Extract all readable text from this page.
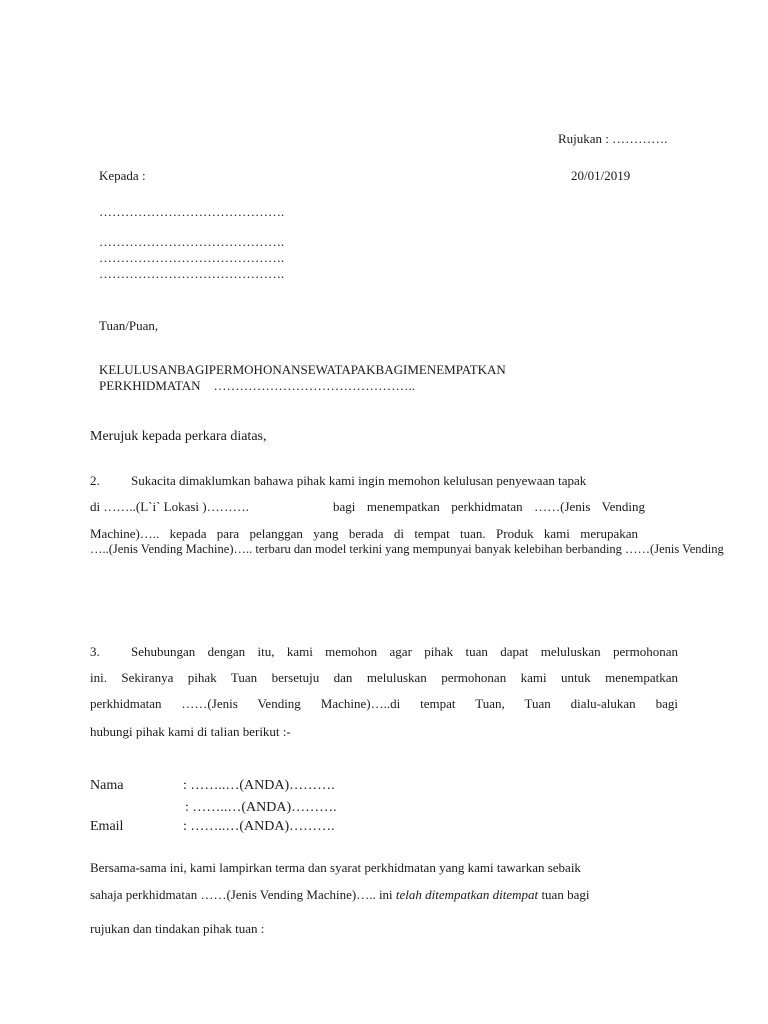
Rujukan : ………….
Kepada :	20/01/2019
…………………………………….
…………………………………….
…………………………………….
…………………………………….
Tuan/Puan,
KELULUSANBAGIPERMOHONANSEWATAPAKBAGIMENEMPATKAN
PERKHIDMATAN    ………………………………………..
Merujuk kepada perkara diatas,
2. Sukacita dimaklumkan bahawa pihak kami ingin memohon kelulusan penyewaan tapak
di ……..(L`i` Lokasi )……….	bagi menempatkan perkhidmatan ……(Jenis Vending
Machine)….. kepada para pelanggan yang berada di tempat tuan. Produk kami merupakan
…..(Jenis Vending Machine)….. terbaru dan model terkini yang mempunyai banyak kelebihan berbanding ……(Jenis Vending
3. Sehubungan dengan itu, kami memohon agar pihak tuan dapat meluluskan permohonan
ini. Sekiranya pihak Tuan bersetuju dan meluluskan permohonan kami untuk menempatkan
perkhidmatan ……(Jenis Vending Machine)…..di tempat Tuan, Tuan dialu-alukan bagi
hubungi pihak kami di talian berikut :-
Nama	: ……..…(ANDA)……….
: ……..…(ANDA)……….
Email	: ……..…(ANDA)……….
Bersama-sama ini, kami lampirkan terma dan syarat perkhidmatan yang kami tawarkan sebaik
sahaja perkhidmatan ……(Jenis Vending Machine)….. ini telah ditempatkan ditempat tuan bagi
rujukan dan tindakan pihak tuan :
